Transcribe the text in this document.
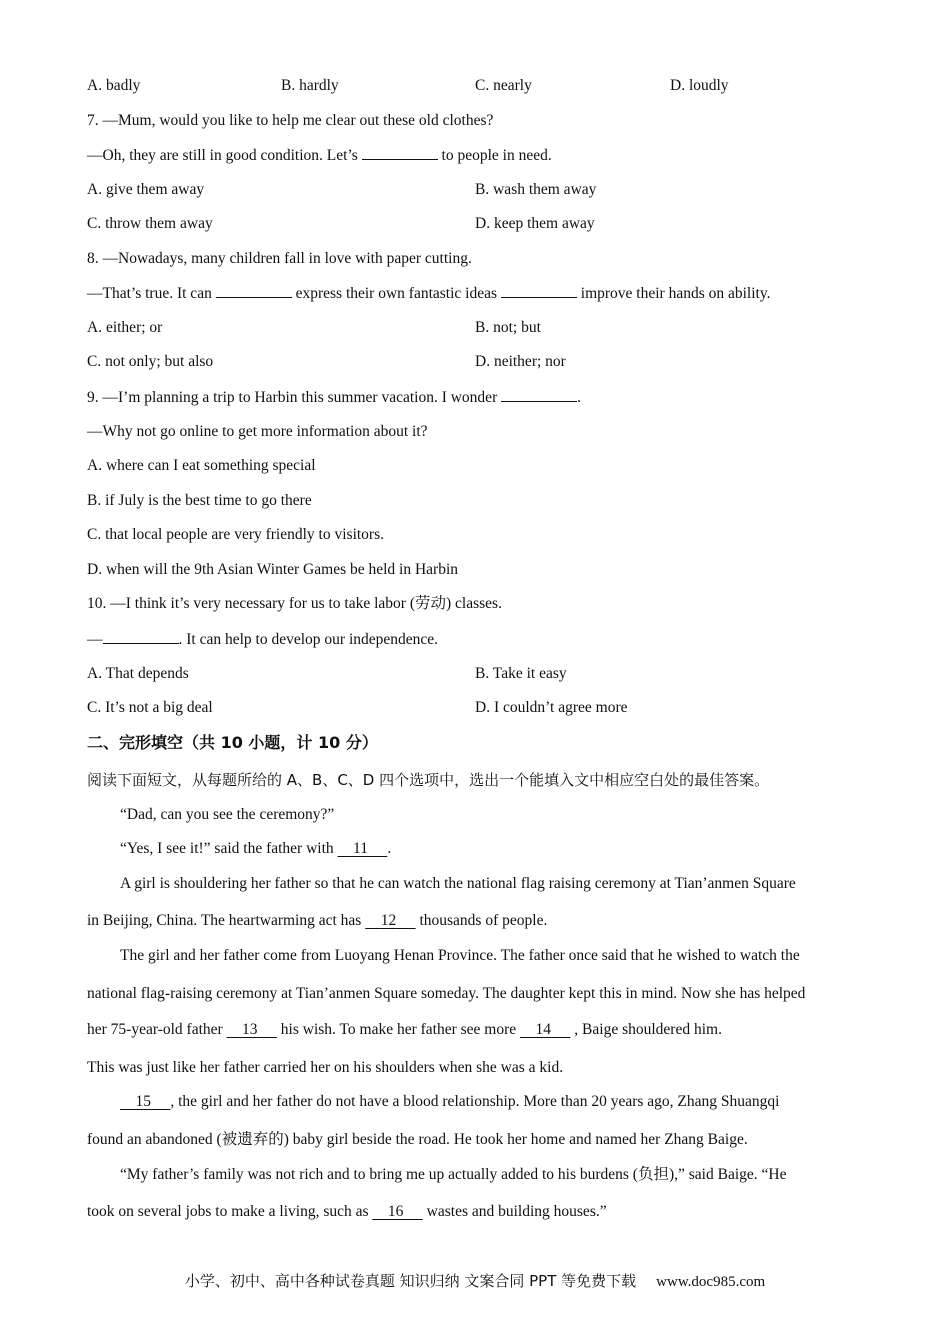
A. badly	B. hardly	C. nearly	D. loudly
7. —Mum, would you like to help me clear out these old clothes?
—Oh, they are still in good condition. Let’s	to people in need.
A. give them away	B. wash them away
C. throw them away	D. keep them away
8. —Nowadays, many children fall in love with paper cutting.
—That’s true. It can	express their own fantastic ideas	improve their hands on ability.
A. either; or	B. not; but
C. not only; but also	D. neither; nor
9. —I’m planning a trip to Harbin this summer vacation. I wonder	.
—Why not go online to get more information about it?
A. where can I eat something special
B. if July is the best time to go there
C. that local people are very friendly to visitors.
D. when will the 9th Asian Winter Games be held in Harbin
10. —I think it’s very necessary for us to take labor (劳动) classes.
—	. It can help to develop our independence.
A. That depends	B. Take it easy
C. It’s not a big deal	D. I couldn’t agree more
二、完形填空（共 10 小题，计 10 分）
阅读下面短文，从每题所给的 A、B、C、D 四个选项中，选出一个能填入文中相应空白处的最佳答案。
“Dad, can you see the ceremony?”
“Yes, I see it!” said the father with     11 .
A girl is shouldering her father so that he can watch the national flag raising ceremony at Tian’anmen Square
in Beijing, China. The heartwarming act has     12      thousands of people.
The girl and her father come from Luoyang Henan Province. The father once said that he wished to watch the
national flag-raising ceremony at Tian’anmen Square someday. The daughter kept this in mind. Now she has helped
her 75-year-old father     13      his wish. To make her father see more     14      , Baige shouldered him.
This was just like her father carried her on his shoulders when she was a kid.
15 , the girl and her father do not have a blood relationship. More than 20 years ago, Zhang Shuangqi
found an abandoned (被遗弃的) baby girl beside the road. He took her home and named her Zhang Baige.
“My father’s family was not rich and to bring me up actually added to his burdens (负担),” said Baige. “He
took on several jobs to make a living, such as     16      wastes and building houses.”
小学、初中、高中各种试卷真题 知识归纳 文案合同 PPT 等免费下载 www.doc985.com
